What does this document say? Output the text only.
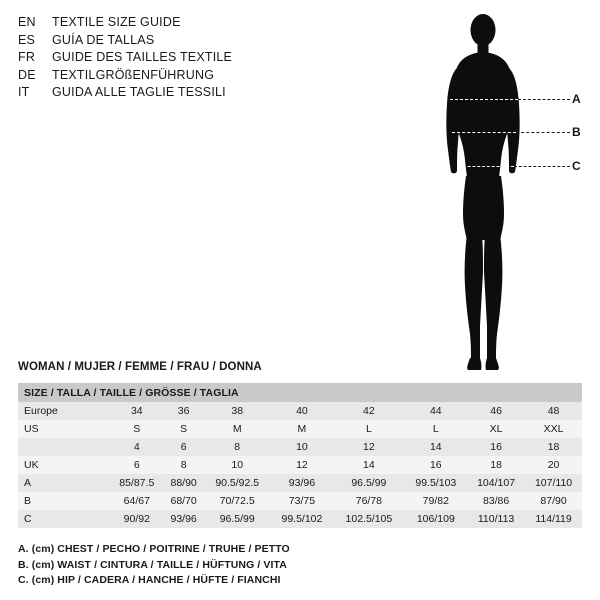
EN	TEXTILE SIZE GUIDE
ES	GUÍA DE TALLAS
FR	GUIDE DES TAILLES TEXTILE
DE	TEXTILGRÖßENFÜHRUNG
IT	GUIDA ALLE TAGLIE TESSILI	A
B
C
WOMAN / MUJER / FEMME / FRAU / DONNA
SIZE / TALLA / TAILLE / GRÖSSE / TAGLIA								
Europe	34	36	38	40	42	44	46	48
US	S	S	M	M	L	L	XL	XXL
	4	6	8	10	12	14	16	18
UK	6	8	10	12	14	16	18	20
A	85/87.5	88/90	90.5/92.5	93/96	96.5/99	99.5/103	104/107	107/110
B	64/67	68/70	70/72.5	73/75	76/78	79/82	83/86	87/90
C	90/92	93/96	96.5/99	99.5/102	102.5/105	106/109	110/113	114/119
A. (cm) CHEST / PECHO / POITRINE / TRUHE / PETTO
B. (cm) WAIST / CINTURA / TAILLE / HÜFTUNG / VITA
C. (cm) HIP / CADERA / HANCHE / HÜFTE / FIANCHI
